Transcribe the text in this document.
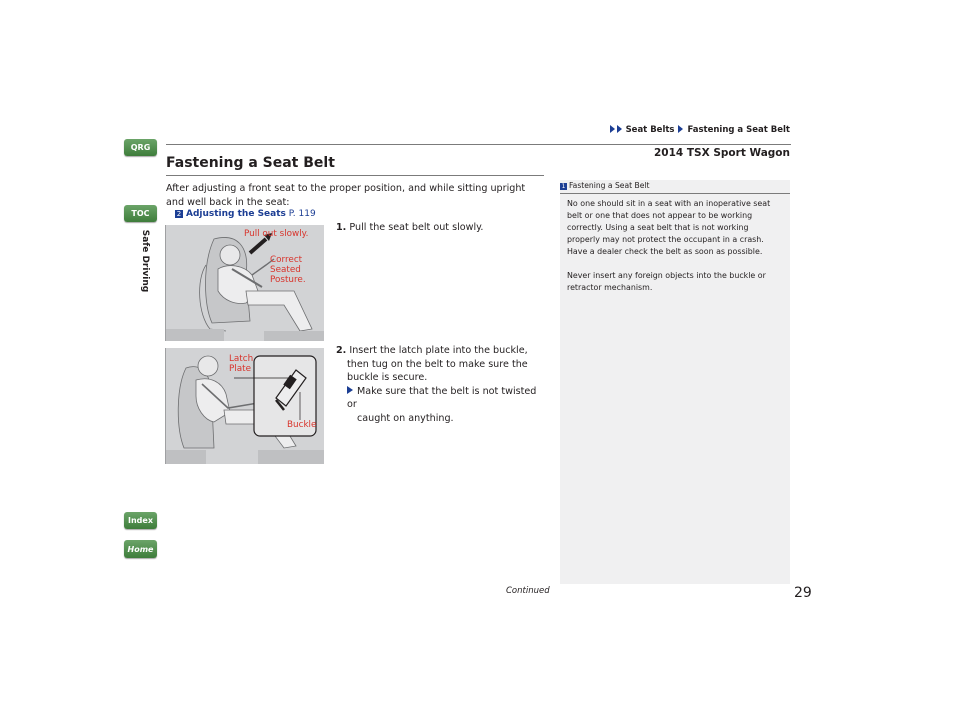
Seat Belts Fastening a Seat Belt
2014 TSX Sport Wagon
QRG
TOC
Safe Driving
Index
Home
Fastening a Seat Belt
After adjusting a front seat to the proper position, and while sitting upright and well back in the seat:
2 Adjusting the Seats P. 119
Pull out slowly.
Correct
Seated
Posture.
Latch
Plate
Buckle
1. Pull the seat belt out slowly.
2. Insert the latch plate into the buckle,
then tug on the belt to make sure the
buckle is secure.
Make sure that the belt is not twisted or
caught on anything.
1 Fastening a Seat Belt

No one should sit in a seat with an inoperative seat belt or one that does not appear to be working correctly. Using a seat belt that is not working properly may not protect the occupant in a crash. Have a dealer check the belt as soon as possible.

Never insert any foreign objects into the buckle or retractor mechanism.

Continued	29
